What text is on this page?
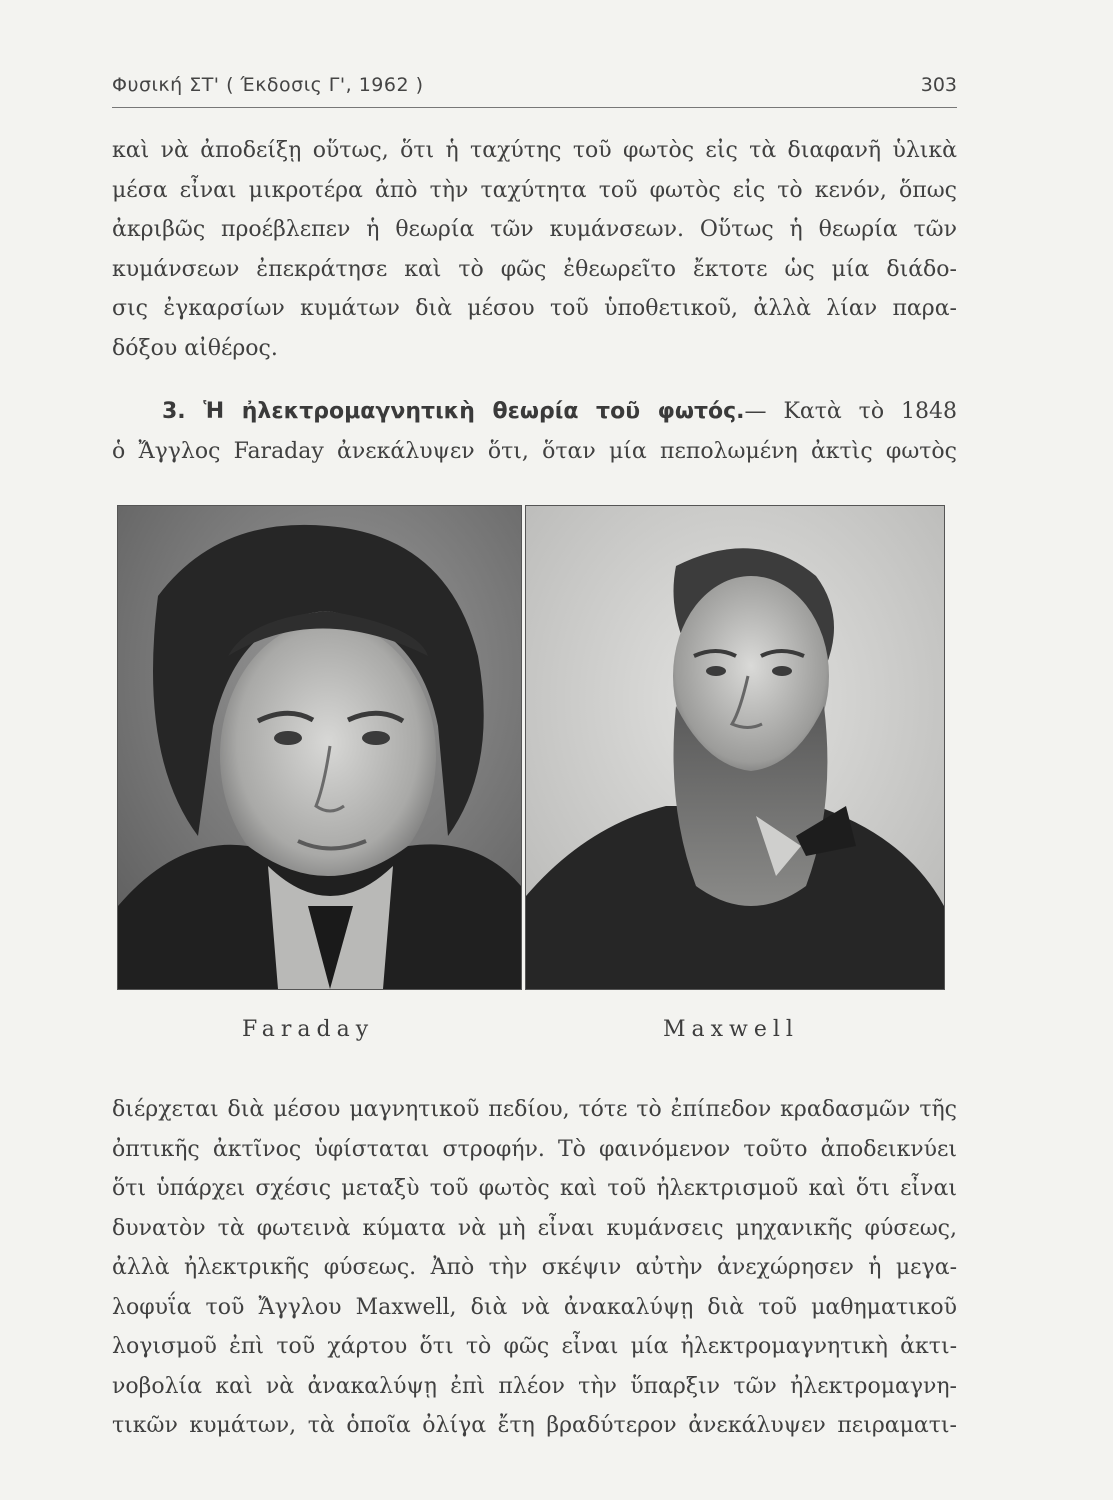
Φυσική ΣΤ' ( Έκδοσις Γ', 1962 )	303

καὶ νὰ ἀποδείξῃ οὕτως, ὅτι ἡ ταχύτης τοῦ φωτὸς εἰς τὰ διαφανῆ ὑλικὰ
μέσα εἶναι μικροτέρα ἀπὸ τὴν ταχύτητα τοῦ φωτὸς εἰς τὸ κενόν, ὅπως
ἀκριβῶς προέβλεπεν ἡ θεωρία τῶν κυμάνσεων. Οὕτως ἡ θεωρία τῶν
κυμάνσεων ἐπεκράτησε καὶ τὸ φῶς ἐθεωρεῖτο ἔκτοτε ὡς μία διάδο-
σις ἐγκαρσίων κυμάτων διὰ μέσου τοῦ ὑποθετικοῦ, ἀλλὰ λίαν παρα-
δόξου αἰθέρος.

3. Ἡ ἠλεκτρομαγνητικὴ θεωρία τοῦ φωτός.— Κατὰ τὸ 1848
ὁ Ἄγγλος Faraday ἀνεκάλυψεν ὅτι, ὅταν μία πεπολωμένη ἀκτὶς φωτὸς

Faraday	Maxwell

διέρχεται διὰ μέσου μαγνητικοῦ πεδίου, τότε τὸ ἐπίπεδον κραδασμῶν τῆς
ὀπτικῆς ἀκτῖνος ὑφίσταται στροφήν. Τὸ φαινόμενον τοῦτο ἀποδεικνύει
ὅτι ὑπάρχει σχέσις μεταξὺ τοῦ φωτὸς καὶ τοῦ ἠλεκτρισμοῦ καὶ ὅτι εἶναι
δυνατὸν τὰ φωτεινὰ κύματα νὰ μὴ εἶναι κυμάνσεις μηχανικῆς φύσεως,
ἀλλὰ ἠλεκτρικῆς φύσεως. Ἀπὸ τὴν σκέψιν αὐτὴν ἀνεχώρησεν ἡ μεγα-
λοφυΐα τοῦ Ἄγγλου Maxwell, διὰ νὰ ἀνακαλύψῃ διὰ τοῦ μαθηματικοῦ
λογισμοῦ ἐπὶ τοῦ χάρτου ὅτι τὸ φῶς εἶναι μία ἠλεκτρομαγνητικὴ ἀκτι-
νοβολία καὶ νὰ ἀνακαλύψῃ ἐπὶ πλέον τὴν ὕπαρξιν τῶν ἠλεκτρομαγνη-
τικῶν κυμάτων, τὰ ὁποῖα ὀλίγα ἔτη βραδύτερον ἀνεκάλυψεν πειραματι-
